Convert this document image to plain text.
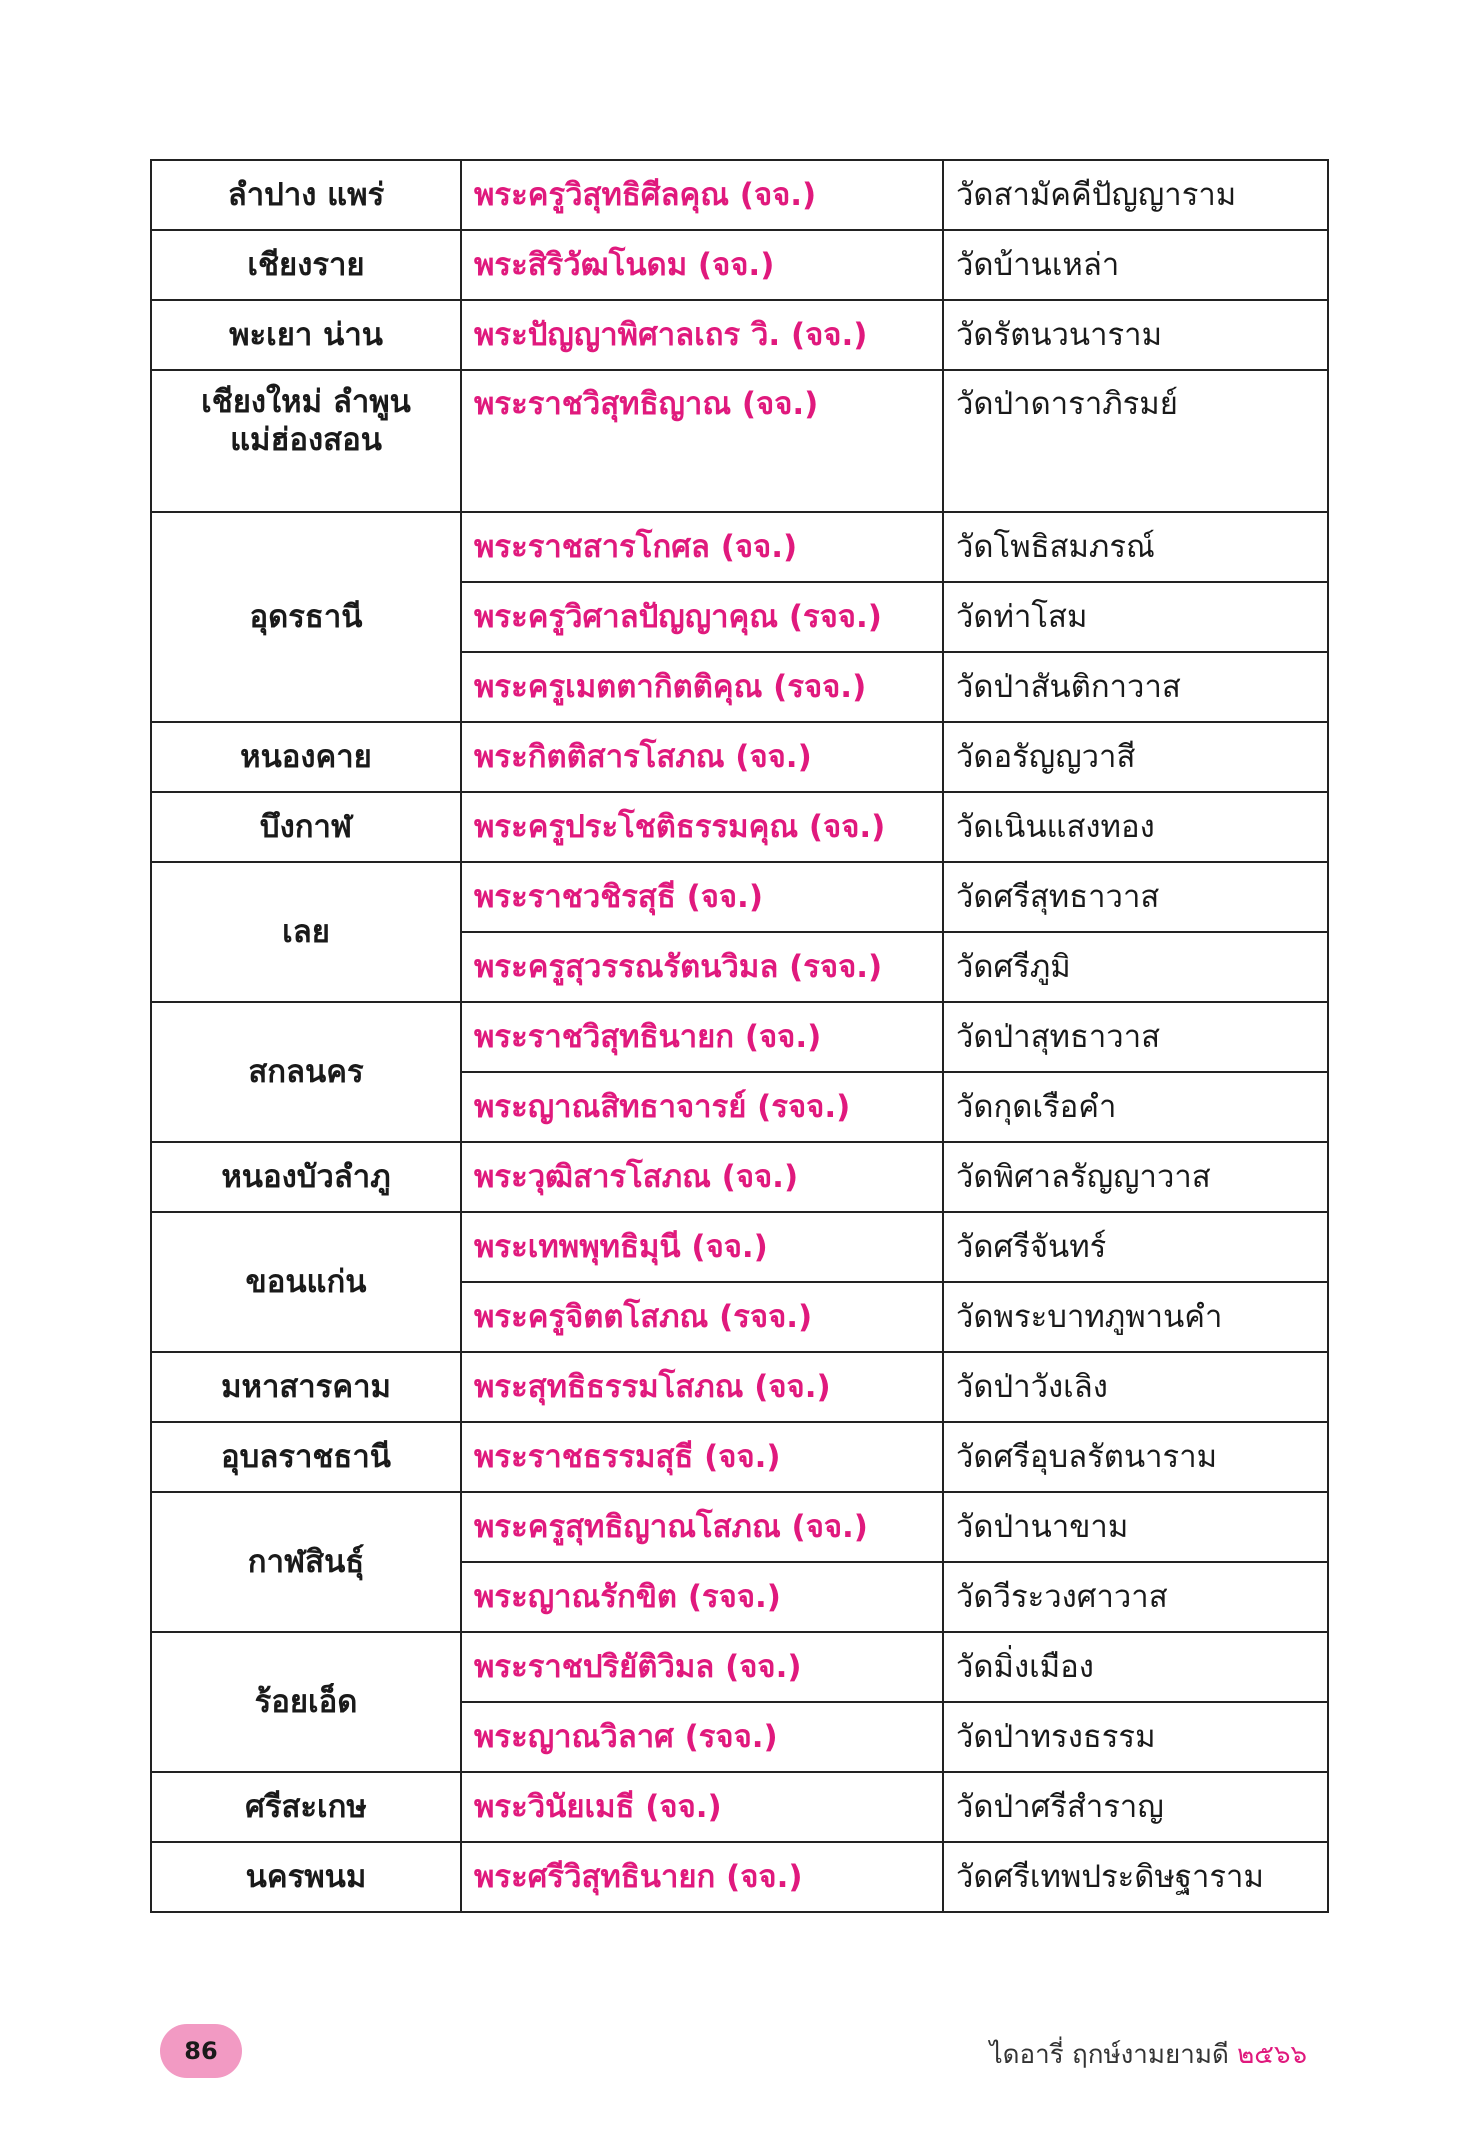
ลำปาง แพร่	พระครูวิสุทธิศีลคุณ (จจ.)	วัดสามัคคีปัญญาราม
เชียงราย	พระสิริวัฒโนดม (จจ.)	วัดบ้านเหล่า
พะเยา น่าน	พระปัญญาพิศาลเถร วิ. (จจ.)	วัดรัตนวนาราม
เชียงใหม่ ลำพูน แม่ฮ่องสอน	พระราชวิสุทธิญาณ (จจ.)	วัดป่าดาราภิรมย์
อุดรธานี	พระราชสารโกศล (จจ.)	วัดโพธิสมภรณ์
	พระครูวิศาลปัญญาคุณ (รจจ.)	วัดท่าโสม
	พระครูเมตตากิตติคุณ (รจจ.)	วัดป่าสันติกาวาส
หนองคาย	พระกิตติสารโสภณ (จจ.)	วัดอรัญญวาสี
บึงกาฬ	พระครูประโชติธรรมคุณ (จจ.)	วัดเนินแสงทอง
เลย	พระราชวชิรสุธี (จจ.)	วัดศรีสุทธาวาส
	พระครูสุวรรณรัตนวิมล (รจจ.)	วัดศรีภูมิ
สกลนคร	พระราชวิสุทธินายก (จจ.)	วัดป่าสุทธาวาส
	พระญาณสิทธาจารย์ (รจจ.)	วัดกุดเรือคำ
หนองบัวลำภู	พระวุฒิสารโสภณ (จจ.)	วัดพิศาลรัญญาวาส
ขอนแก่น	พระเทพพุทธิมุนี (จจ.)	วัดศรีจันทร์
	พระครูจิตตโสภณ (รจจ.)	วัดพระบาทภูพานคำ
มหาสารคาม	พระสุทธิธรรมโสภณ (จจ.)	วัดป่าวังเลิง
อุบลราชธานี	พระราชธรรมสุธี (จจ.)	วัดศรีอุบลรัตนาราม
กาฬสินธุ์	พระครูสุทธิญาณโสภณ (จจ.)	วัดป่านาขาม
	พระญาณรักขิต (รจจ.)	วัดวีระวงศาวาส
ร้อยเอ็ด	พระราชปริยัติวิมล (จจ.)	วัดมิ่งเมือง
	พระญาณวิลาศ (รจจ.)	วัดป่าทรงธรรม
ศรีสะเกษ	พระวินัยเมธี (จจ.)	วัดป่าศรีสำราญ
นครพนม	พระศรีวิสุทธินายก (จจ.)	วัดศรีเทพประดิษฐาราม
86	ไดอารี่ ฤกษ์งามยามดี ๒๕๖๖
